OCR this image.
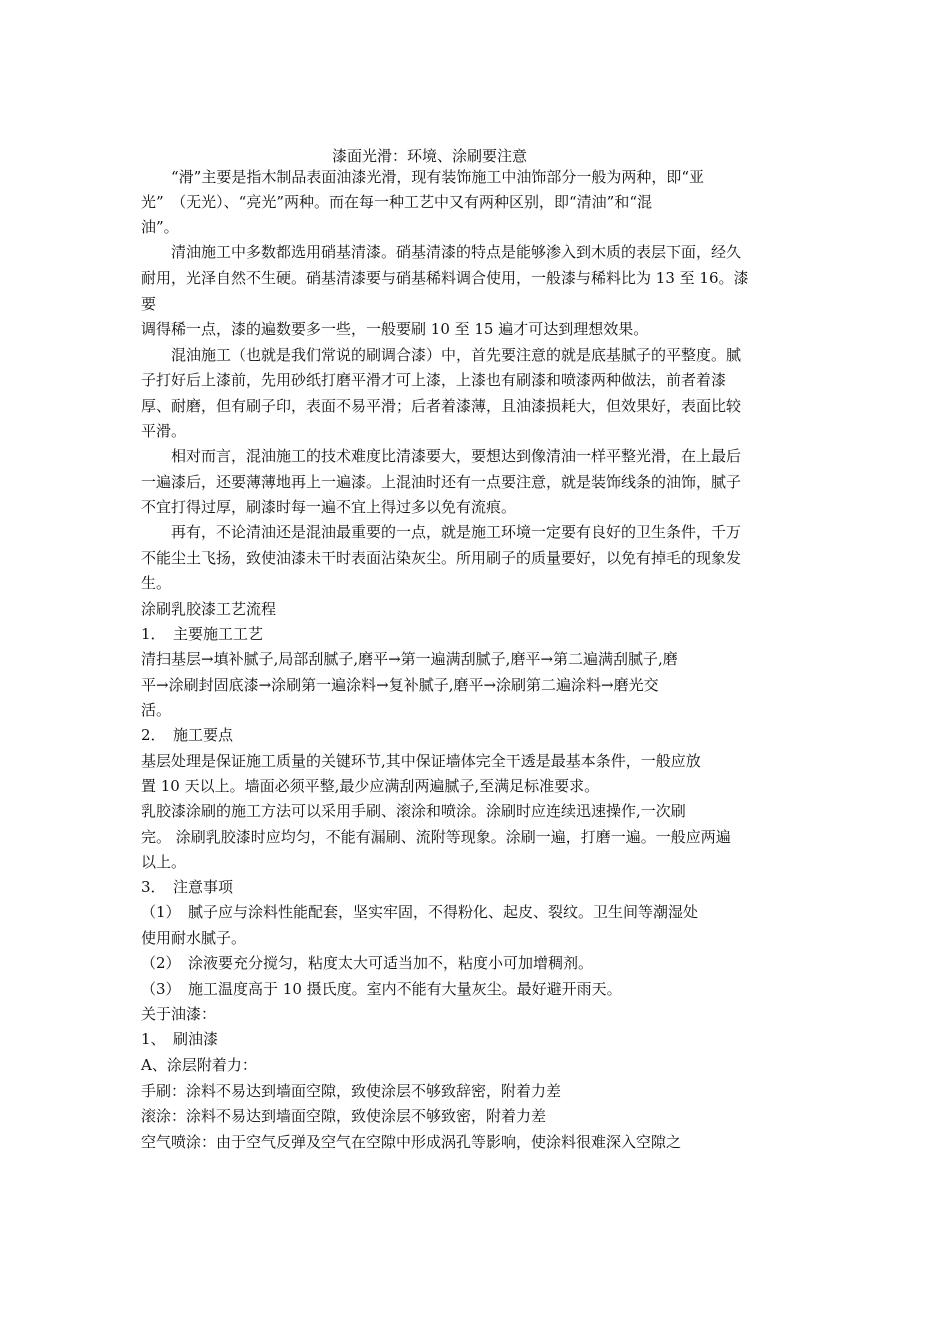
漆面光滑：环境、涂刷要注意
　　“滑”主要是指木制品表面油漆光滑，现有装饰施工中油饰部分一般为两种，即“亚
光”　（无光）、“亮光”两种。而在每一种工艺中又有两种区别，即“清油”和“混
油”。
　　清油施工中多数都选用硝基清漆。硝基清漆的特点是能够渗入到木质的表层下面，经久
耐用，光泽自然不生硬。硝基清漆要与硝基稀料调合使用，一般漆与稀料比为 13 至 16。漆
要
调得稀一点，漆的遍数要多一些，一般要刷 10 至 15 遍才可达到理想效果。
　　混油施工（也就是我们常说的刷调合漆）中，首先要注意的就是底基腻子的平整度。腻
子打好后上漆前，先用砂纸打磨平滑才可上漆，上漆也有刷漆和喷漆两种做法，前者着漆
厚、耐磨，但有刷子印，表面不易平滑；后者着漆薄，且油漆损耗大，但效果好，表面比较
平滑。
　　相对而言，混油施工的技术难度比清漆要大，要想达到像清油一样平整光滑，在上最后
一遍漆后，还要薄薄地再上一遍漆。上混油时还有一点要注意，就是装饰线条的油饰，腻子
不宜打得过厚，刷漆时每一遍不宜上得过多以免有流痕。
　　再有，不论清油还是混油最重要的一点，就是施工环境一定要有良好的卫生条件，千万
不能尘土飞扬，致使油漆未干时表面沾染灰尘。所用刷子的质量要好，以免有掉毛的现象发
生。
涂刷乳胶漆工艺流程
1．　主要施工工艺
清扫基层→填补腻子,局部刮腻子,磨平→第一遍满刮腻子,磨平→第二遍满刮腻子,磨
平→涂刷封固底漆→涂刷第一遍涂料→复补腻子,磨平→涂刷第二遍涂料→磨光交
活。
2．　施工要点
基层处理是保证施工质量的关键环节,其中保证墙体完全干透是最基本条件，一般应放
置 10 天以上。墙面必须平整,最少应满刮两遍腻子,至满足标准要求。
乳胶漆涂刷的施工方法可以采用手刷、滚涂和喷涂。涂刷时应连续迅速操作,一次刷
完。 涂刷乳胶漆时应均匀，不能有漏刷、流附等现象。涂刷一遍，打磨一遍。一般应两遍
以上。
3．　注意事项
（1）　腻子应与涂料性能配套，坚实牢固，不得粉化、起皮、裂纹。卫生间等潮湿处
使用耐水腻子。
（2）　涂液要充分搅匀，粘度太大可适当加不，粘度小可加增稠剂。
（3）　施工温度高于 10 摄氏度。室内不能有大量灰尘。最好避开雨天。
关于油漆：
1、　刷油漆
A、涂层附着力：
手刷：涂料不易达到墙面空隙，致使涂层不够致辞密，附着力差
滚涂：涂料不易达到墙面空隙，致使涂层不够致密，附着力差
空气喷涂：由于空气反弹及空气在空隙中形成涡孔等影响，使涂料很难深入空隙之
